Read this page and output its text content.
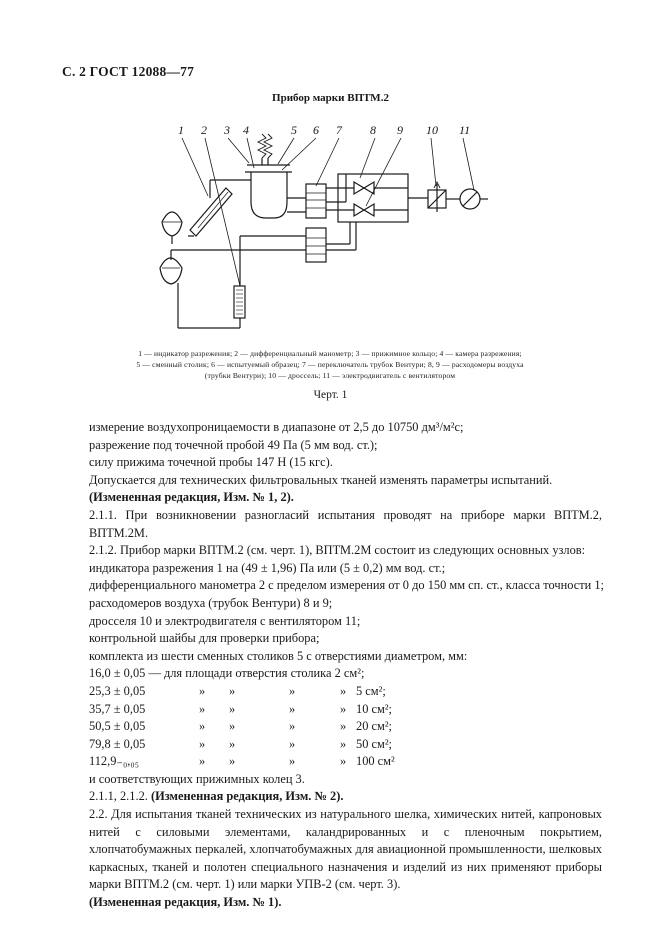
С. 2 ГОСТ 12088—77
Прибор марки ВПТМ.2
1 2 3 4	5 6 7 8 9 10 11
1 — индикатор разрежения; 2 — дифференциальный манометр; 3 — прижимное кольцо; 4 — камера разрежения;
5 — сменный столик; 6 — испытуемый образец; 7 — переключатель трубок Вентури; 8, 9 — расходомеры воздуха
(трубки Вентури); 10 — дроссель; 11 — электродвигатель с вентилятором
Черт. 1

измерение воздухопроницаемости в диапазоне от 2,5 до 10750 дм³/м²с;

разрежение под точечной пробой 49 Па (5 мм вод. ст.);

силу прижима точечной пробы 147 Н (15 кгс).

Допускается для технических фильтровальных тканей изменять параметры испытаний.

(Измененная редакция, Изм. № 1, 2).

2.1.1. При возникновении разногласий испытания проводят на приборе марки ВПТМ.2, ВПТМ.2М.

2.1.2. Прибор марки ВПТМ.2 (см. черт. 1), ВПТМ.2М состоит из следующих основных узлов:

индикатора разрежения 1 на (49 ± 1,96) Па или (5 ± 0,2) мм вод. ст.;

дифференциального манометра 2 с пределом измерения от 0 до 150 мм сп. ст., класса точности 1;

расходомеров воздуха (трубок Вентури) 8 и 9;

дросселя 10 и электродвигателя с вентилятором 11;

контрольной шайбы для проверки прибора;

комплекта из шести сменных столиков 5 с отверстиями диаметром, мм:

16,0 ± 0,05 — для площади отверстия столика 2 см²;

25,3 ± 0,05	»	»	»	» 5 см²;
35,7 ± 0,05	»	»	»	» 10 см²;
50,5 ± 0,05	»	»	»	» 20 см²;
79,8 ± 0,05	»	»	»	» 50 см²;
112,9₋₀,₀₅	»	»	»	» 100 см²

и соответствующих прижимных колец 3.

2.1.1, 2.1.2. (Измененная редакция, Изм. № 2).

2.2. Для испытания тканей технических из натурального шелка, химических нитей, капроновых нитей с силовыми элементами, каландрированных и с пленочным покрытием, хлопчатобумажных перкалей, хлопчатобумажных для авиационной промышленности, шелковых каркасных, тканей и полотен специального назначения и изделий из них применяют приборы марки ВПТМ.2 (см. черт. 1) или марки УПВ-2 (см. черт. 3).

(Измененная редакция, Изм. № 1).
